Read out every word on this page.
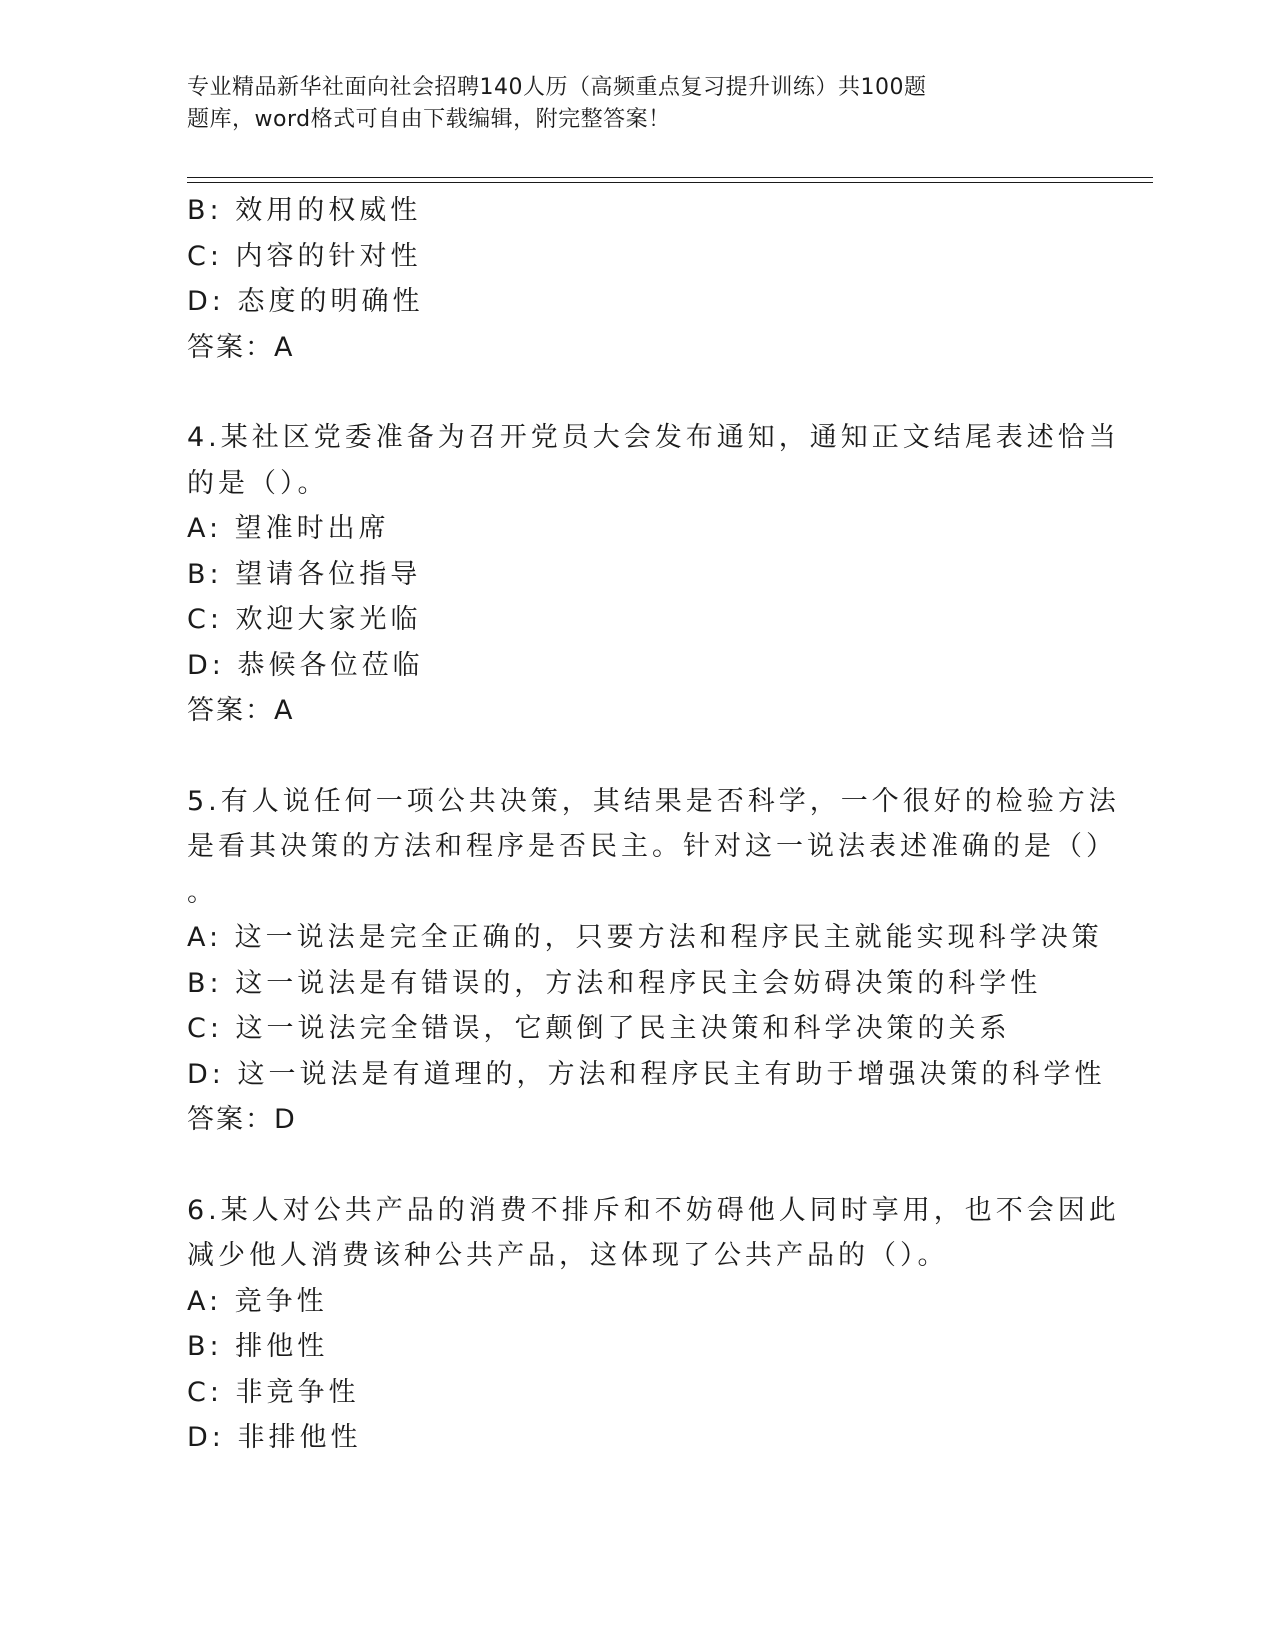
专业精品新华社面向社会招聘140人历（高频重点复习提升训练）共100题
题库，word格式可自由下载编辑，附完整答案！
B: 效用的权威性
C: 内容的针对性
D: 态度的明确性
答案：A
4.某社区党委准备为召开党员大会发布通知，通知正文结尾表述恰当
的是（）。
A: 望准时出席
B: 望请各位指导
C: 欢迎大家光临
D: 恭候各位莅临
答案：A
5.有人说任何一项公共决策，其结果是否科学，一个很好的检验方法
是看其决策的方法和程序是否民主。针对这一说法表述准确的是（）
。
A: 这一说法是完全正确的，只要方法和程序民主就能实现科学决策
B: 这一说法是有错误的，方法和程序民主会妨碍决策的科学性
C: 这一说法完全错误，它颠倒了民主决策和科学决策的关系
D: 这一说法是有道理的，方法和程序民主有助于增强决策的科学性
答案：D
6.某人对公共产品的消费不排斥和不妨碍他人同时享用，也不会因此
减少他人消费该种公共产品，这体现了公共产品的（）。
A: 竞争性
B: 排他性
C: 非竞争性
D: 非排他性
